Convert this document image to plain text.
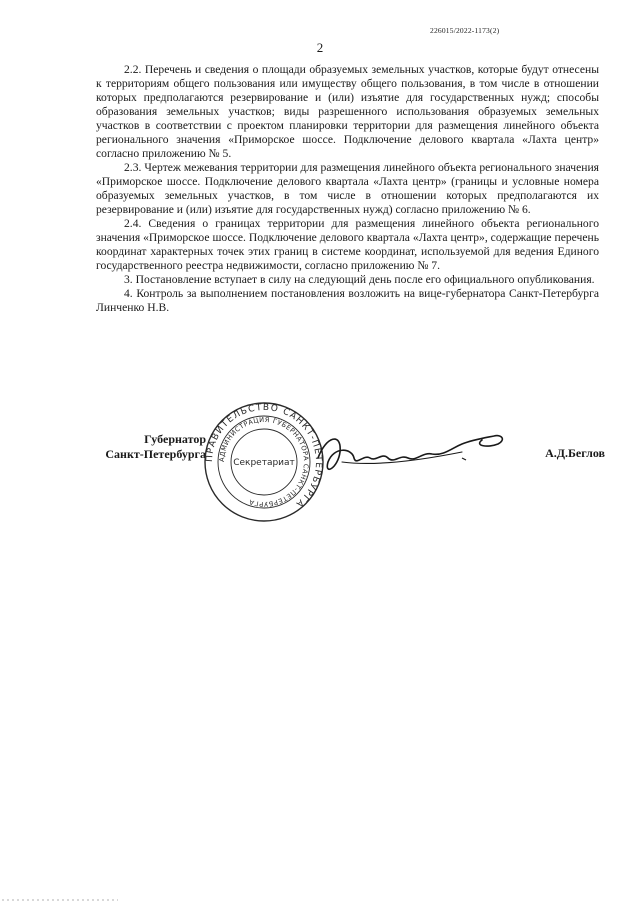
226015/2022-1173(2)
2

2.2. Перечень и сведения о площади образуемых земельных участков, которые будут отнесены к территориям общего пользования или имуществу общего пользования, в том числе в отношении которых предполагаются резервирование и (или) изъятие для государственных нужд; способы образования земельных участков; виды разрешенного использования образуемых земельных участков в соответствии с проектом планировки территории для размещения линейного объекта регионального значения «Приморское шоссе. Подключение делового квартала «Лахта центр» согласно приложению № 5.

2.3. Чертеж межевания территории для размещения линейного объекта регионального значения «Приморское шоссе. Подключение делового квартала «Лахта центр» (границы и условные номера образуемых земельных участков, в том числе в отношении которых предполагаются их резервирование и (или) изъятие для государственных нужд) согласно приложению № 6.

2.4. Сведения о границах территории для размещения линейного объекта регионального значения «Приморское шоссе. Подключение делового квартала «Лахта центр», содержащие перечень координат характерных точек этих границ в системе координат, используемой для ведения Единого государственного реестра недвижимости, согласно приложению № 7.

3. Постановление вступает в силу на следующий день после его официального опубликования.

4. Контроль за выполнением постановления возложить на вице-губернатора Санкт-Петербурга Линченко Н.В.

Губернатор
Санкт-Петербурга
ПРАВИТЕЛЬСТВО САНКТ-ПЕТЕРБУРГА
АДМИНИСТРАЦИЯ ГУБЕРНАТОРА САНКТ-ПЕТЕРБУРГА
Секретариат
А.Д.Беглов
